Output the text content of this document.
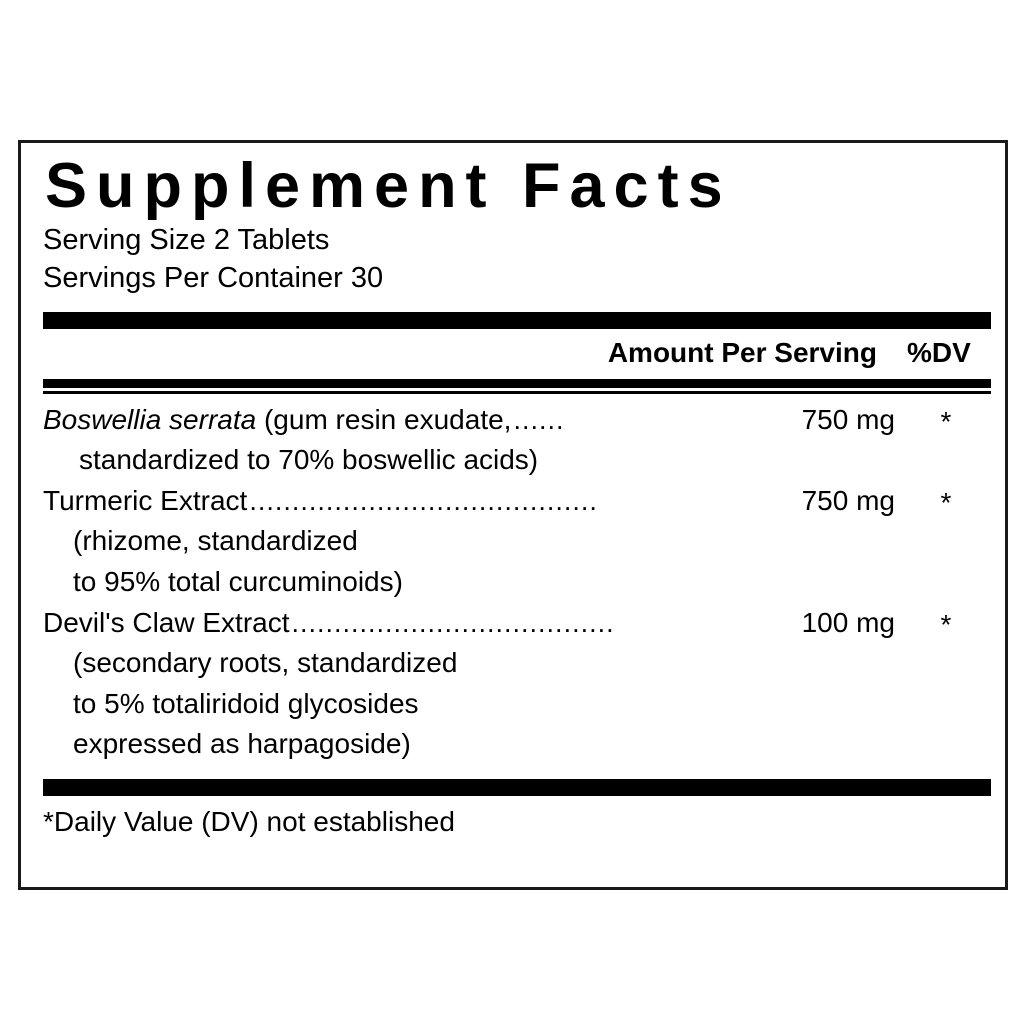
Supplement Facts
Serving Size 2 Tablets
Servings Per Container 30
Amount Per Serving %DV
Boswellia serrata (gum resin exudate, ......	750 mg	*
standardized to 70% boswellic acids)
Turmeric Extract .........................................	750 mg	*
(rhizome, standardized
to 95% total curcuminoids)
Devil's Claw Extract ......................................	100 mg	*
(secondary roots, standardized
to 5% totaliridoid glycosides
expressed as harpagoside)
*Daily Value (DV) not established
